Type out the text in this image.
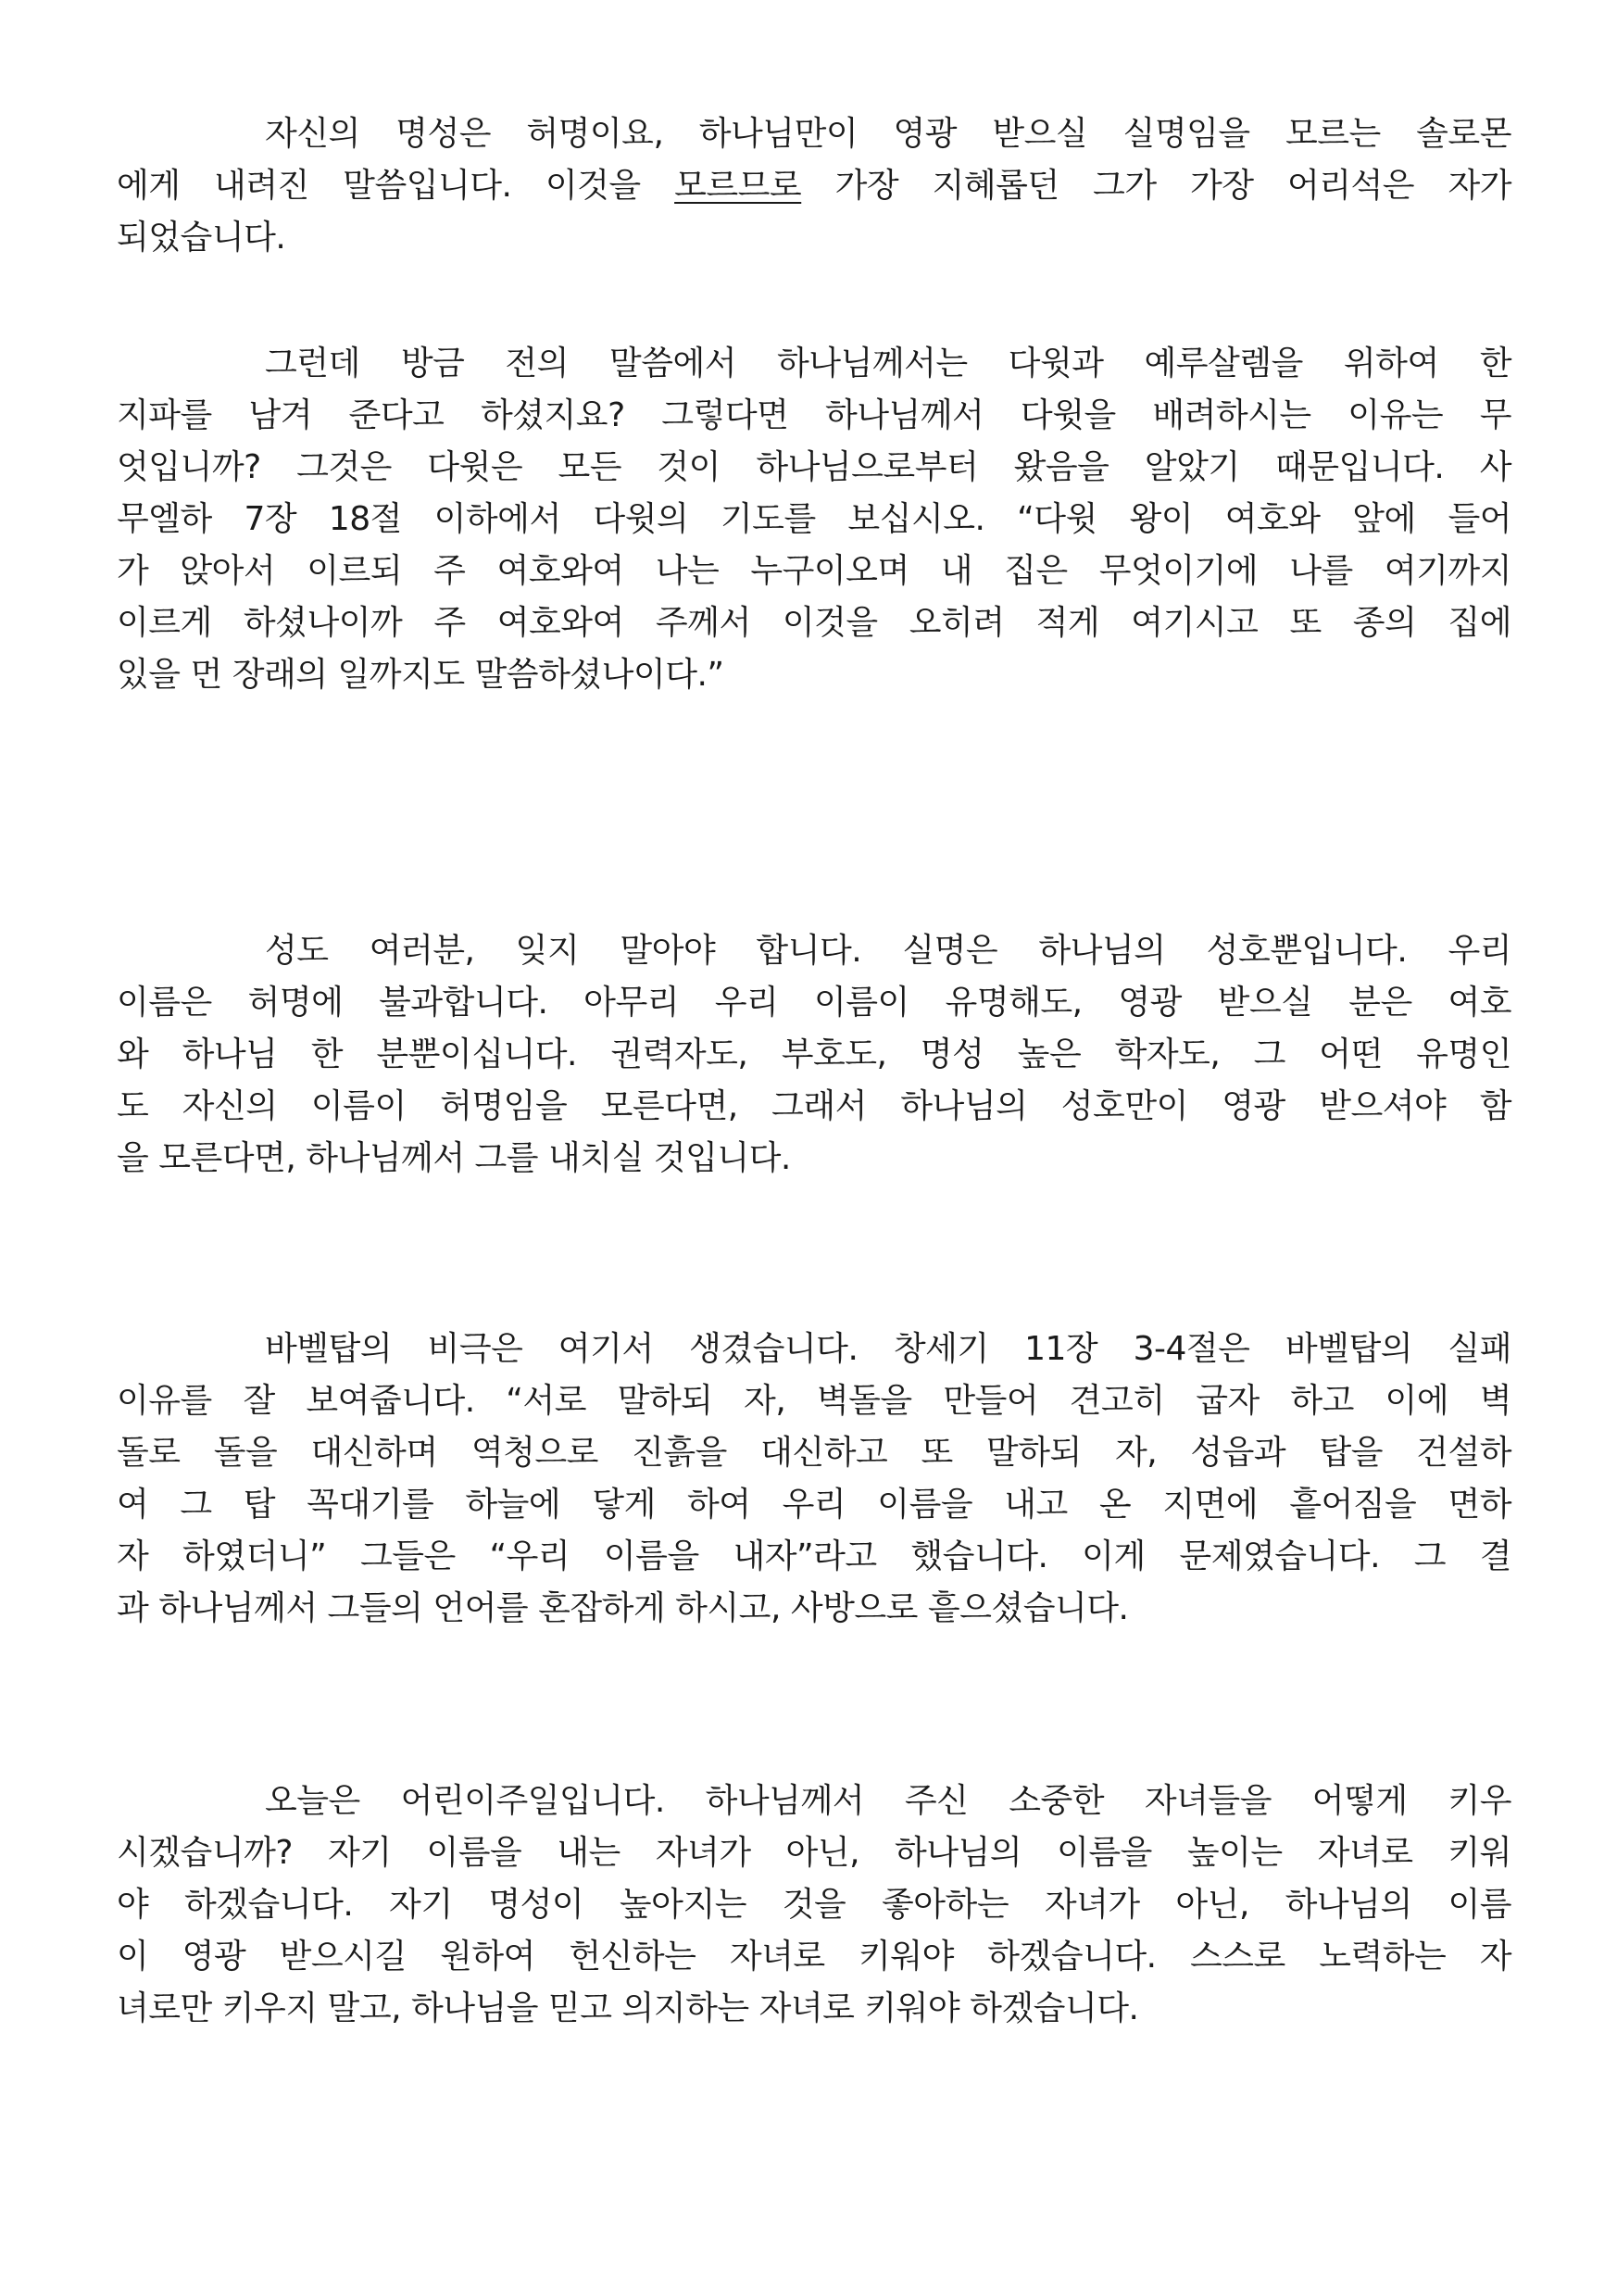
자신의 명성은 허명이요, 하나님만이 영광 받으실 실명임을 모르는 솔로몬
에게 내려진 말씀입니다. 이것을 모르므로 가장 지혜롭던 그가 가장 어리석은 자가
되었습니다.
그런데 방금 전의 말씀에서 하나님께서는 다윗과 예루살렘을 위하여 한
지파를 남겨 준다고 하셨지요? 그렇다면 하나님께서 다윗을 배려하시는 이유는 무
엇입니까? 그것은 다윗은 모든 것이 하나님으로부터 왔음을 알았기 때문입니다. 사
무엘하 7장 18절 이하에서 다윗의 기도를 보십시오. “다윗 왕이 여호와 앞에 들어
가 앉아서 이르되 주 여호와여 나는 누구이오며 내 집은 무엇이기에 나를 여기까지
이르게 하셨나이까 주 여호와여 주께서 이것을 오히려 적게 여기시고 또 종의 집에
있을 먼 장래의 일까지도 말씀하셨나이다.”
성도 여러분, 잊지 말아야 합니다. 실명은 하나님의 성호뿐입니다. 우리
이름은 허명에 불과합니다. 아무리 우리 이름이 유명해도, 영광 받으실 분은 여호
와 하나님 한 분뿐이십니다. 권력자도, 부호도, 명성 높은 학자도, 그 어떤 유명인
도 자신의 이름이 허명임을 모른다면, 그래서 하나님의 성호만이 영광 받으셔야 함
을 모른다면, 하나님께서 그를 내치실 것입니다.
바벨탑의 비극은 여기서 생겼습니다. 창세기 11장 3-4절은 바벨탑의 실패
이유를 잘 보여줍니다. “서로 말하되 자, 벽돌을 만들어 견고히 굽자 하고 이에 벽
돌로 돌을 대신하며 역청으로 진흙을 대신하고 또 말하되 자, 성읍과 탑을 건설하
여 그 탑 꼭대기를 하늘에 닿게 하여 우리 이름을 내고 온 지면에 흩어짐을 면하
자 하였더니” 그들은 “우리 이름을 내자”라고 했습니다. 이게 문제였습니다. 그 결
과 하나님께서 그들의 언어를 혼잡하게 하시고, 사방으로 흩으셨습니다.
오늘은 어린이주일입니다. 하나님께서 주신 소중한 자녀들을 어떻게 키우
시겠습니까? 자기 이름을 내는 자녀가 아닌, 하나님의 이름을 높이는 자녀로 키워
야 하겠습니다. 자기 명성이 높아지는 것을 좋아하는 자녀가 아닌, 하나님의 이름
이 영광 받으시길 원하여 헌신하는 자녀로 키워야 하겠습니다. 스스로 노력하는 자
녀로만 키우지 말고, 하나님을 믿고 의지하는 자녀로 키워야 하겠습니다.
